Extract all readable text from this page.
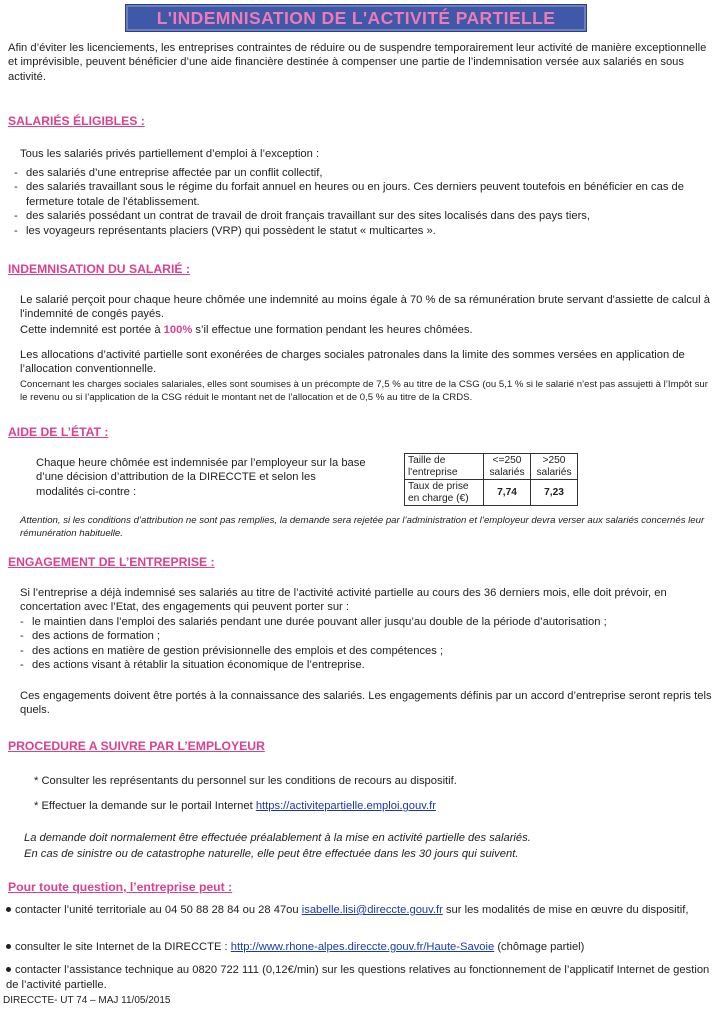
L'INDEMNISATION DE L'ACTIVITÉ PARTIELLE

Afin d’éviter les licenciements, les entreprises contraintes de réduire ou de suspendre temporairement leur activité de manière exceptionnelle et imprévisible, peuvent bénéficier d’une aide financière destinée à compenser une partie de l’indemnisation versée aux salariés en sous activité.

SALARIÉS ÉLIGIBLES :

Tous les salariés privés partiellement d’emploi à l’exception :

- des salariés d’une entreprise affectée par un conflit collectif,
- des salariés travaillant sous le régime du forfait annuel en heures ou en jours. Ces derniers peuvent toutefois en bénéficier en cas de fermeture totale de l'établissement.
- des salariés possédant un contrat de travail de droit français travaillant sur des sites localisés dans des pays tiers,
- les voyageurs représentants placiers (VRP) qui possèdent le statut « multicartes ».

INDEMNISATION DU SALARIÉ :

Le salarié perçoit pour chaque heure chômée une indemnité au moins égale à 70 % de sa rémunération brute servant d'assiette de calcul à l'indemnité de congés payés.

Cette indemnité est portée à 100% s’il effectue une formation pendant les heures chômées.

Les allocations d’activité partielle sont exonérées de charges sociales patronales dans la limite des sommes versées en application de l’allocation conventionnelle.

Concernant les charges sociales salariales, elles sont soumises à un précompte de 7,5 % au titre de la CSG (ou 5,1 % si le salarié n’est pas assujetti à l’Impôt sur le revenu ou si l’application de la CSG réduit le montant net de l’allocation et de 0,5 % au titre de la CRDS.

AIDE DE L’ÉTAT :

Chaque heure chômée est indemnisée par l’employeur sur la base d’une décision d’attribution de la DIRECCTE et selon les modalités ci-contre :

Taille de l'entreprise	<=250 salariés	>250 salariés
Taux de prise en charge (€)	7,74	7,23

Attention, si les conditions d’attribution ne sont pas remplies, la demande sera rejetée par l’administration et l’employeur devra verser aux salariés concernés leur rémunération habituelle.

ENGAGEMENT DE L’ENTREPRISE :

Si l’entreprise a déjà indemnisé ses salariés au titre de l’activité activité partielle au cours des 36 derniers mois, elle doit prévoir, en concertation avec l’Etat, des engagements qui peuvent porter sur :

- le maintien dans l’emploi des salariés pendant une durée pouvant aller jusqu’au double de la période d’autorisation ;
- des actions de formation ;
- des actions en matière de gestion prévisionnelle des emplois et des compétences ;
- des actions visant à rétablir la situation économique de l’entreprise.

Ces engagements doivent être portés à la connaissance des salariés. Les engagements définis par un accord d’entreprise seront repris tels quels.

PROCEDURE A SUIVRE PAR L’EMPLOYEUR

* Consulter les représentants du personnel sur les conditions de recours au dispositif.

* Effectuer la demande sur le portail Internet https://activitepartielle.emploi.gouv.fr

La demande doit normalement être effectuée préalablement à la mise en activité partielle des salariés.

En cas de sinistre ou de catastrophe naturelle, elle peut être effectuée dans les 30 jours qui suivent.

Pour toute question, l’entreprise peut :

contacter l’unité territoriale au 04 50 88 28 84 ou 28 47ou isabelle.lisi@direccte.gouv.fr sur les modalités de mise en œuvre du dispositif,

consulter le site Internet de la DIRECCTE : http://www.rhone-alpes.direccte.gouv.fr/Haute-Savoie (chômage partiel)

contacter l’assistance technique au 0820 722 111 (0,12€/min) sur les questions relatives au fonctionnement de l’applicatif Internet de gestion de l’activité partielle.

DIRECCTE- UT 74 – MAJ 11/05/2015
